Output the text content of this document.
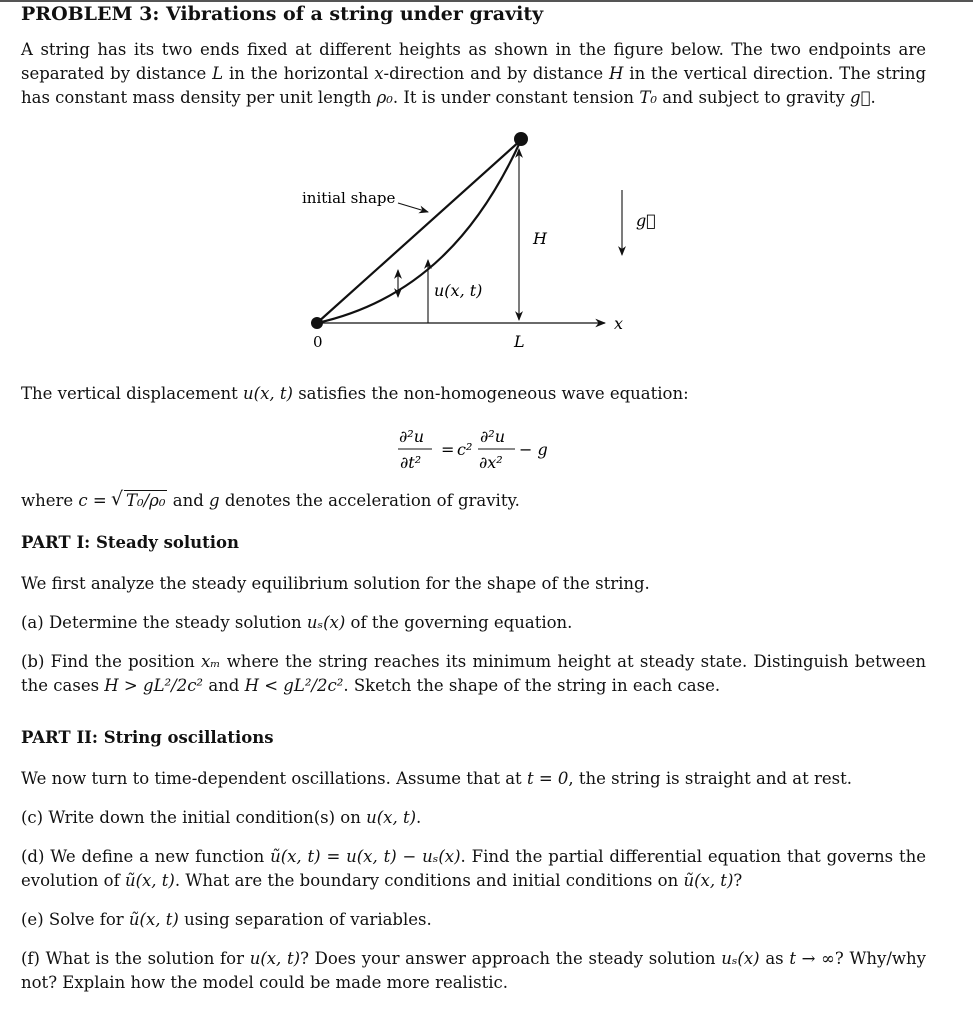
PROBLEM 3: Vibrations of a string under gravity
A string has its two ends fixed at different heights as shown in the figure below. The two endpoints are separated by distance L in the horizontal x-direction and by distance H in the vertical direction. The string has constant mass density per unit length ρ₀. It is under constant tension T₀ and subject to gravity g⃗.
initial shape
H
u(x, t)
g⃗
x
0	L
The vertical displacement u(x, t) satisfies the non-homogeneous wave equation:
∂²u
∂t²
= c²
∂²u
∂x²
− g
where c = √ T₀/ρ₀ and g denotes the acceleration of gravity.
PART I: Steady solution
We first analyze the steady equilibrium solution for the shape of the string.
(a) Determine the steady solution uₛ(x) of the governing equation.
(b) Find the position xₘ where the string reaches its minimum height at steady state. Distinguish between the cases H > gL²/2c² and H < gL²/2c². Sketch the shape of the string in each case.
PART II: String oscillations
We now turn to time-dependent oscillations. Assume that at t = 0, the string is straight and at rest.
(c) Write down the initial condition(s) on u(x, t).
(d) We define a new function ũ(x, t) = u(x, t) − uₛ(x). Find the partial differential equation that governs the evolution of ũ(x, t). What are the boundary conditions and initial conditions on ũ(x, t)?
(e) Solve for ũ(x, t) using separation of variables.
(f) What is the solution for u(x, t)? Does your answer approach the steady solution uₛ(x) as t → ∞? Why/why not? Explain how the model could be made more realistic.
